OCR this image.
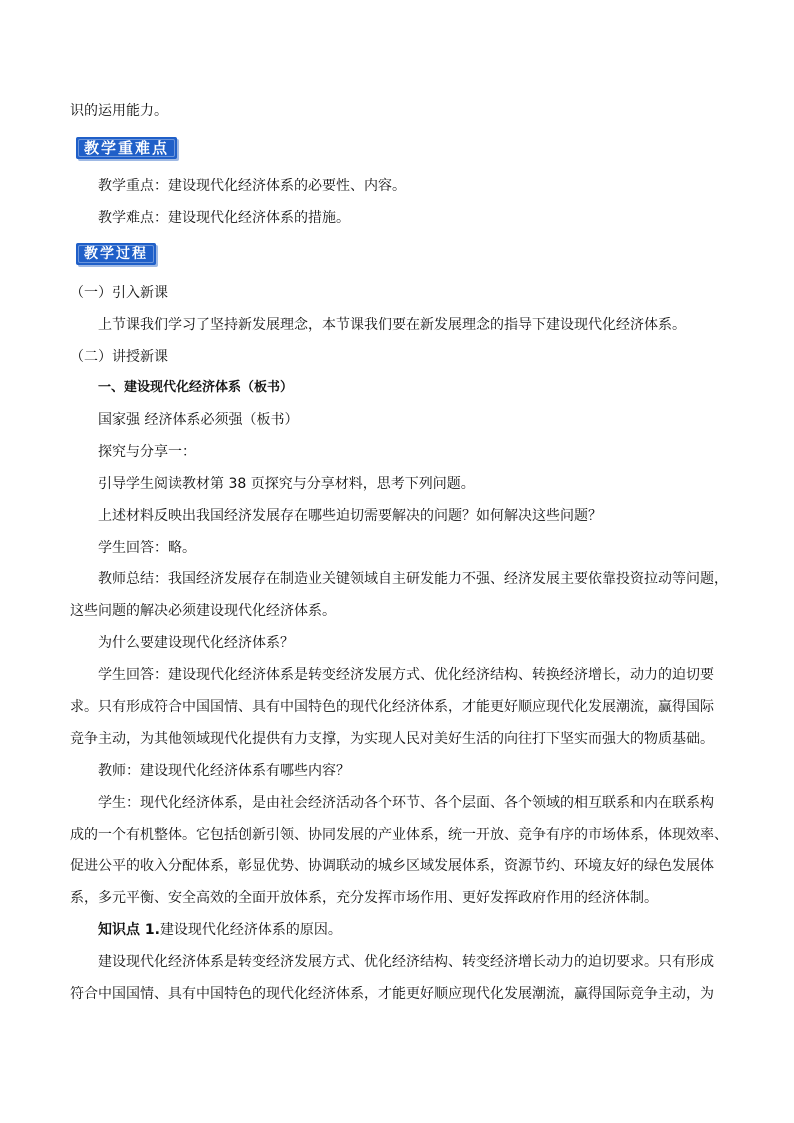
识的运用能力。
教学重难点
教学重点：建设现代化经济体系的必要性、内容。
教学难点：建设现代化经济体系的措施。
教学过程
（一）引入新课
上节课我们学习了坚持新发展理念，本节课我们要在新发展理念的指导下建设现代化经济体系。
（二）讲授新课
一、建设现代化经济体系（板书）
国家强 经济体系必须强（板书）
探究与分享一：
引导学生阅读教材第 38 页探究与分享材料，思考下列问题。
上述材料反映出我国经济发展存在哪些迫切需要解决的问题？如何解决这些问题？
学生回答：略。
教师总结：我国经济发展存在制造业关键领域自主研发能力不强、经济发展主要依靠投资拉动等问题，
这些问题的解决必须建设现代化经济体系。
为什么要建设现代化经济体系？
学生回答：建设现代化经济体系是转变经济发展方式、优化经济结构、转换经济增长，动力的迫切要
求。只有形成符合中国国情、具有中国特色的现代化经济体系，才能更好顺应现代化发展潮流，赢得国际
竞争主动，为其他领域现代化提供有力支撑，为实现人民对美好生活的向往打下坚实而强大的物质基础。
教师：建设现代化经济体系有哪些内容？
学生：现代化经济体系，是由社会经济活动各个环节、各个层面、各个领域的相互联系和内在联系构
成的一个有机整体。它包括创新引领、协同发展的产业体系，统一开放、竞争有序的市场体系，体现效率、
促进公平的收入分配体系，彰显优势、协调联动的城乡区域发展体系，资源节约、环境友好的绿色发展体
系，多元平衡、安全高效的全面开放体系，充分发挥市场作用、更好发挥政府作用的经济体制。
知识点 1.建设现代化经济体系的原因。
建设现代化经济体系是转变经济发展方式、优化经济结构、转变经济增长动力的迫切要求。只有形成
符合中国国情、具有中国特色的现代化经济体系，才能更好顺应现代化发展潮流，赢得国际竞争主动，为
